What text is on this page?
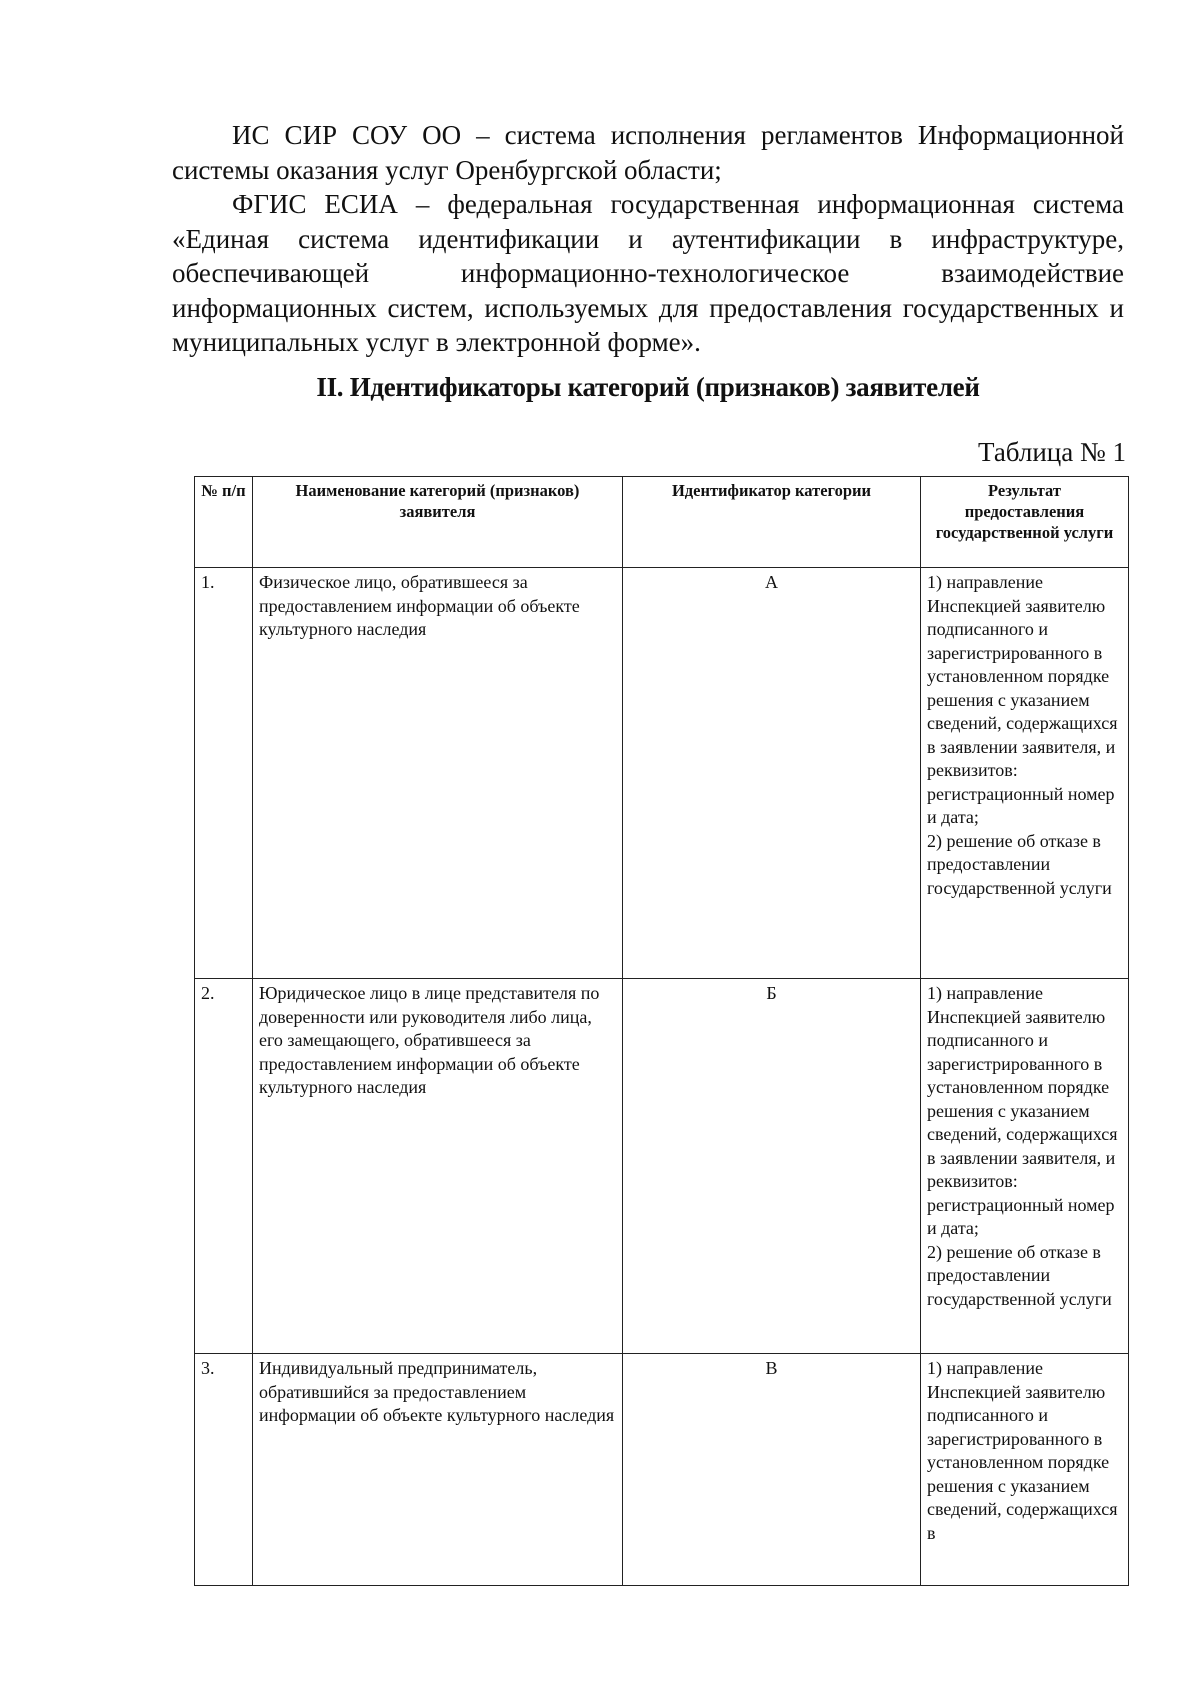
ИС СИР СОУ ОО – система исполнения регламентов Информационной системы оказания услуг Оренбургской области;

ФГИС ЕСИА – федеральная государственная информационная система «Единая система идентификации и аутентификации в инфраструктуре, обеспечивающей информационно-технологическое взаимодействие информационных систем, используемых для предоставления государственных и муниципальных услуг в электронной форме».

II. Идентификаторы категорий (признаков) заявителей
Таблица № 1
№ п/п	Наименование категорий (признаков) заявителя	Идентификатор категории	Результат предоставления государственной услуги
1.	Физическое лицо, обратившееся за предоставлением информации об объекте культурного наследия	А	1) направление Инспекцией заявителю подписанного и зарегистрированного в установленном порядке решения с указанием сведений, содержащихся в заявлении заявителя, и реквизитов: регистрационный номер и дата;
2) решение об отказе в предоставлении государственной услуги

2.	Юридическое лицо в лице представителя по доверенности или руководителя либо лица, его замещающего, обратившееся за предоставлением информации об объекте культурного наследия	Б	1) направление Инспекцией заявителю подписанного и зарегистрированного в установленном порядке решения с указанием сведений, содержащихся в заявлении заявителя, и реквизитов: регистрационный номер и дата;
2) решение об отказе в предоставлении государственной услуги

3.	Индивидуальный предприниматель, обратившийся за предоставлением информации об объекте культурного наследия	В	1) направление Инспекцией заявителю подписанного и зарегистрированного в установленном порядке решения с указанием сведений, содержащихся в
